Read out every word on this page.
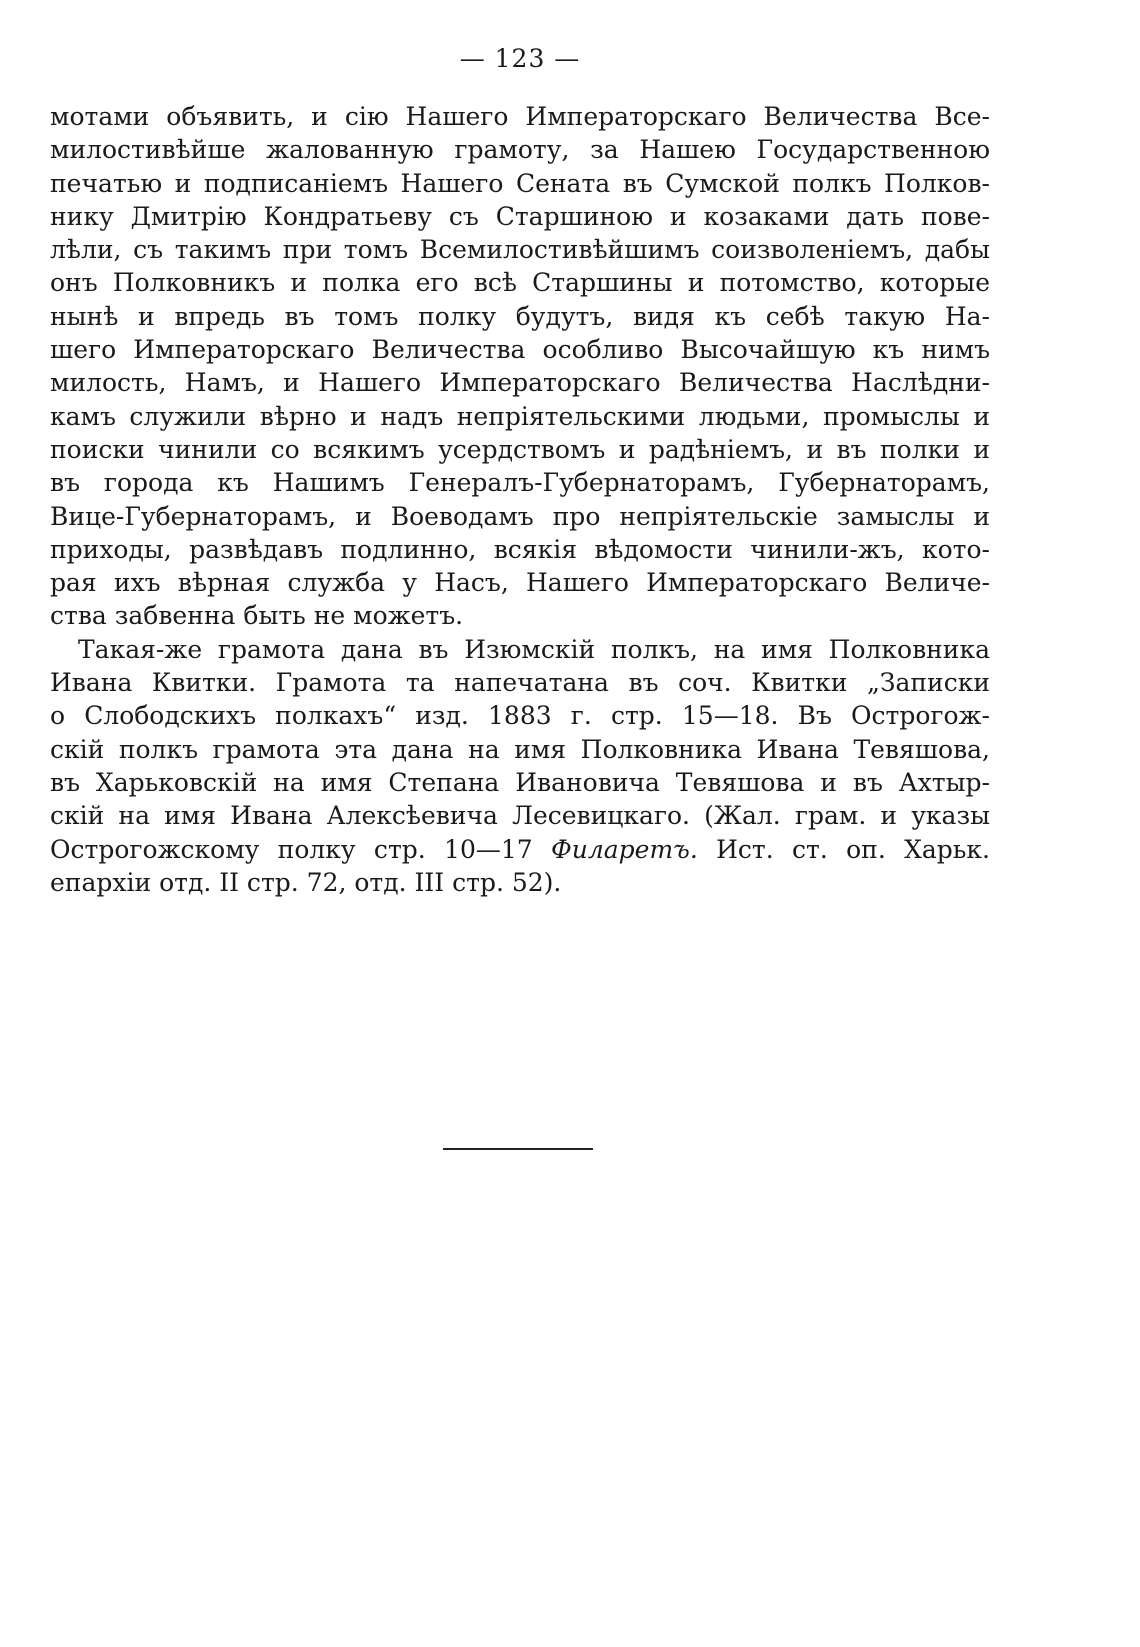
— 123 —
мотами объявить, и сію Нашего Императорскаго Величества Все-
милостивѣйше жалованную грамоту, за Нашею Государственною
печатью и подписаніемъ Нашего Сената въ Сумской полкъ Полков-
нику Дмитрію Кондратьеву съ Старшиною и козаками дать пове-
лѣли, съ такимъ при томъ Всемилостивѣйшимъ соизволеніемъ, дабы
онъ Полковникъ и полка его всѣ Старшины и потомство, которые
нынѣ и впредь въ томъ полку будутъ, видя къ себѣ такую На-
шего Императорскаго Величества особливо Высочайшую къ нимъ
милость, Намъ, и Нашего Императорскаго Величества Наслѣдни-
камъ служили вѣрно и надъ непріятельскими людьми, промыслы и
поиски чинили со всякимъ усердствомъ и радѣніемъ, и въ полки и
въ города къ Нашимъ Генералъ-Губернаторамъ, Губернаторамъ,
Вице-Губернаторамъ, и Воеводамъ про непріятельскіе замыслы и
приходы, развѣдавъ подлинно, всякія вѣдомости чинили-жъ, кото-
рая ихъ вѣрная служба у Насъ, Нашего Императорскаго Величе-
ства забвенна быть не можетъ.
Такая-же грамота дана въ Изюмскій полкъ, на имя Полковника
Ивана Квитки. Грамота та напечатана въ соч. Квитки „Записки
о Слободскихъ полкахъ“ изд. 1883 г. стр. 15—18. Въ Острогож-
скій полкъ грамота эта дана на имя Полковника Ивана Тевяшова,
въ Харьковскій на имя Степана Ивановича Тевяшова и въ Ахтыр-
скій на имя Ивана Алексѣевича Лесевицкаго. (Жал. грам. и указы
Острогожскому полку стр. 10—17 Филаретъ. Ист. ст. оп. Харьк.
епархіи отд. II стр. 72, отд. III стр. 52).
